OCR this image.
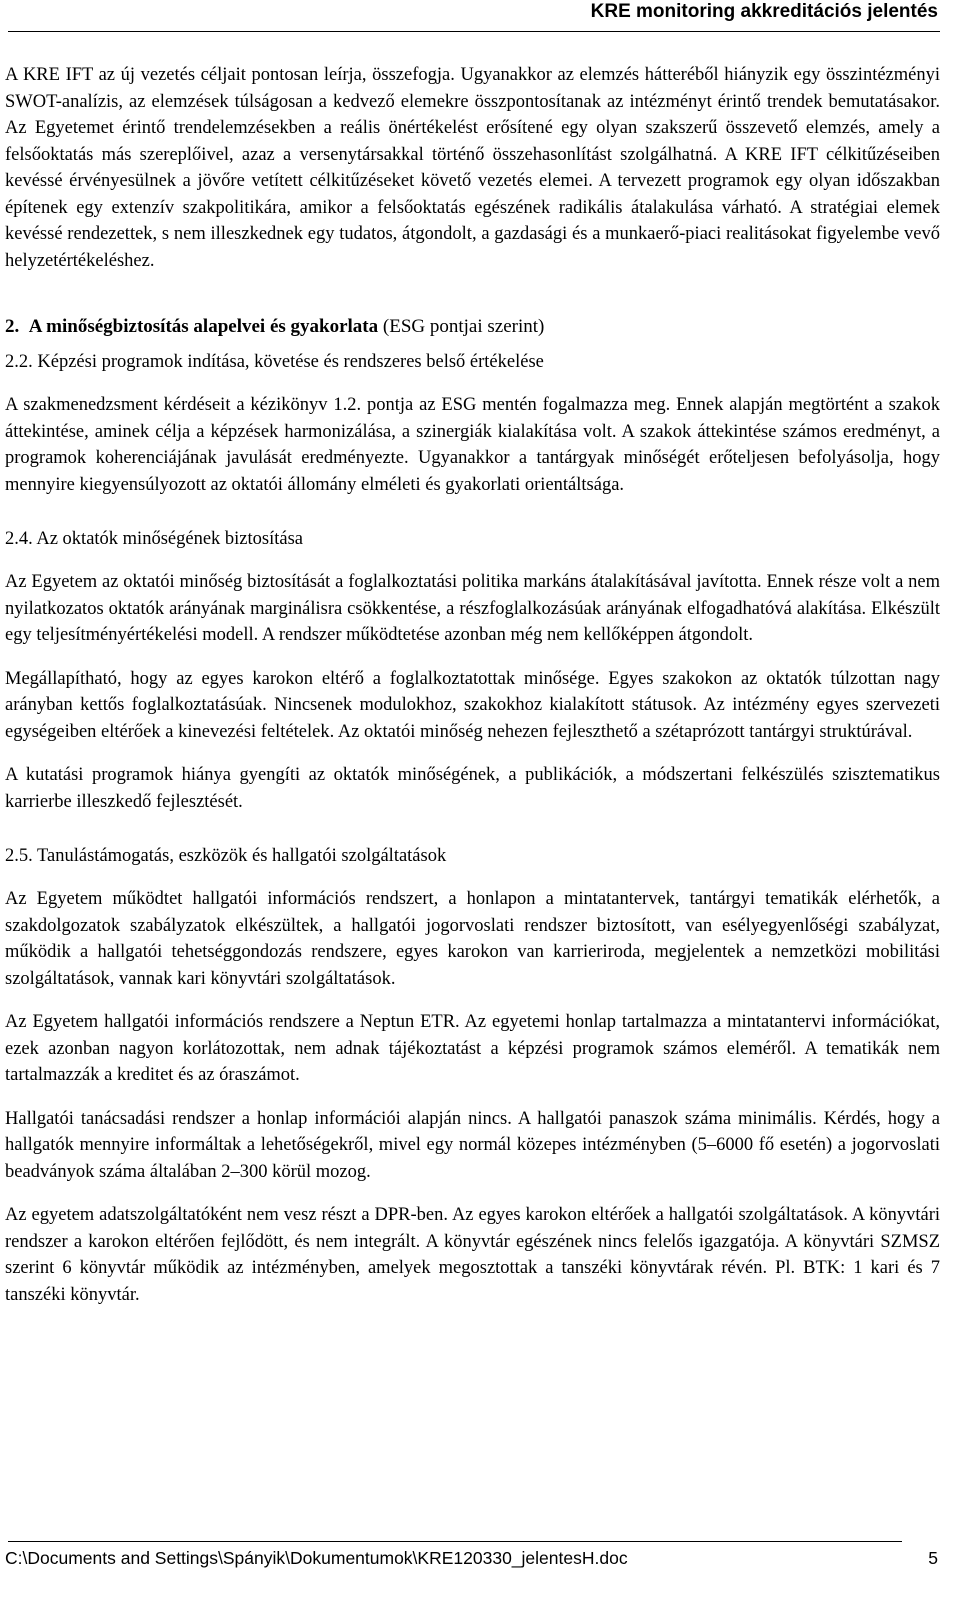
KRE monitoring akkreditációs jelentés

A KRE IFT az új vezetés céljait pontosan leírja, összefogja. Ugyanakkor az elemzés hátteréből hiányzik egy összintézményi SWOT-analízis, az elemzések túlságosan a kedvező elemekre összpontosítanak az intézményt érintő trendek bemutatásakor. Az Egyetemet érintő trendelemzésekben a reális önértékelést erősítené egy olyan szakszerű összevető elemzés, amely a felsőoktatás más szereplőivel, azaz a versenytársakkal történő összehasonlítást szolgálhatná. A KRE IFT célkitűzéseiben kevéssé érvényesülnek a jövőre vetített célkitűzéseket követő vezetés elemei. A tervezett programok egy olyan időszakban építenek egy extenzív szakpolitikára, amikor a felsőoktatás egészének radikális átalakulása várható. A stratégiai elemek kevéssé rendezettek, s nem illeszkednek egy tudatos, átgondolt, a gazdasági és a munkaerő-piaci realitásokat figyelembe vevő helyzetértékeléshez.

2. A minőségbiztosítás alapelvei és gyakorlata (ESG pontjai szerint)
2.2. Képzési programok indítása, követése és rendszeres belső értékelése

A szakmenedzsment kérdéseit a kézikönyv 1.2. pontja az ESG mentén fogalmazza meg. Ennek alapján megtörtént a szakok áttekintése, aminek célja a képzések harmonizálása, a szinergiák kialakítása volt. A szakok áttekintése számos eredményt, a programok koherenciájának javulását eredményezte. Ugyanakkor a tantárgyak minőségét erőteljesen befolyásolja, hogy mennyire kiegyensúlyozott az oktatói állomány elméleti és gyakorlati orientáltsága.

2.4. Az oktatók minőségének biztosítása

Az Egyetem az oktatói minőség biztosítását a foglalkoztatási politika markáns átalakításával javította. Ennek része volt a nem nyilatkozatos oktatók arányának marginálisra csökkentése, a részfoglalkozásúak arányának elfogadhatóvá alakítása. Elkészült egy teljesítményértékelési modell. A rendszer működtetése azonban még nem kellőképpen átgondolt.

Megállapítható, hogy az egyes karokon eltérő a foglalkoztatottak minősége. Egyes szakokon az oktatók túlzottan nagy arányban kettős foglalkoztatásúak. Nincsenek modulokhoz, szakokhoz kialakított státusok. Az intézmény egyes szervezeti egységeiben eltérőek a kinevezési feltételek. Az oktatói minőség nehezen fejleszthető a szétaprózott tantárgyi struktúrával.

A kutatási programok hiánya gyengíti az oktatók minőségének, a publikációk, a módszertani felkészülés szisztematikus karrierbe illeszkedő fejlesztését.

2.5. Tanulástámogatás, eszközök és hallgatói szolgáltatások

Az Egyetem működtet hallgatói információs rendszert, a honlapon a mintatantervek, tantárgyi tematikák elérhetők, a szakdolgozatok szabályzatok elkészültek, a hallgatói jogorvoslati rendszer biztosított, van esélyegyenlőségi szabályzat, működik a hallgatói tehetséggondozás rendszere, egyes karokon van karrieriroda, megjelentek a nemzetközi mobilitási szolgáltatások, vannak kari könyvtári szolgáltatások.

Az Egyetem hallgatói információs rendszere a Neptun ETR. Az egyetemi honlap tartalmazza a mintatantervi információkat, ezek azonban nagyon korlátozottak, nem adnak tájékoztatást a képzési programok számos eleméről. A tematikák nem tartalmazzák a kreditet és az óraszámot.

Hallgatói tanácsadási rendszer a honlap információi alapján nincs. A hallgatói panaszok száma minimális. Kérdés, hogy a hallgatók mennyire informáltak a lehetőségekről, mivel egy normál közepes intézményben (5–6000 fő esetén) a jogorvoslati beadványok száma általában 2–300 körül mozog.

Az egyetem adatszolgáltatóként nem vesz részt a DPR-ben. Az egyes karokon eltérőek a hallgatói szolgáltatások. A könyvtári rendszer a karokon eltérően fejlődött, és nem integrált. A könyvtár egészének nincs felelős igazgatója. A könyvtári SZMSZ szerint 6 könyvtár működik az intézményben, amelyek megosztottak a tanszéki könyvtárak révén. Pl. BTK: 1 kari és 7 tanszéki könyvtár.

C:\Documents and Settings\Spányik\Dokumentumok\KRE120330_jelentesH.doc	5
